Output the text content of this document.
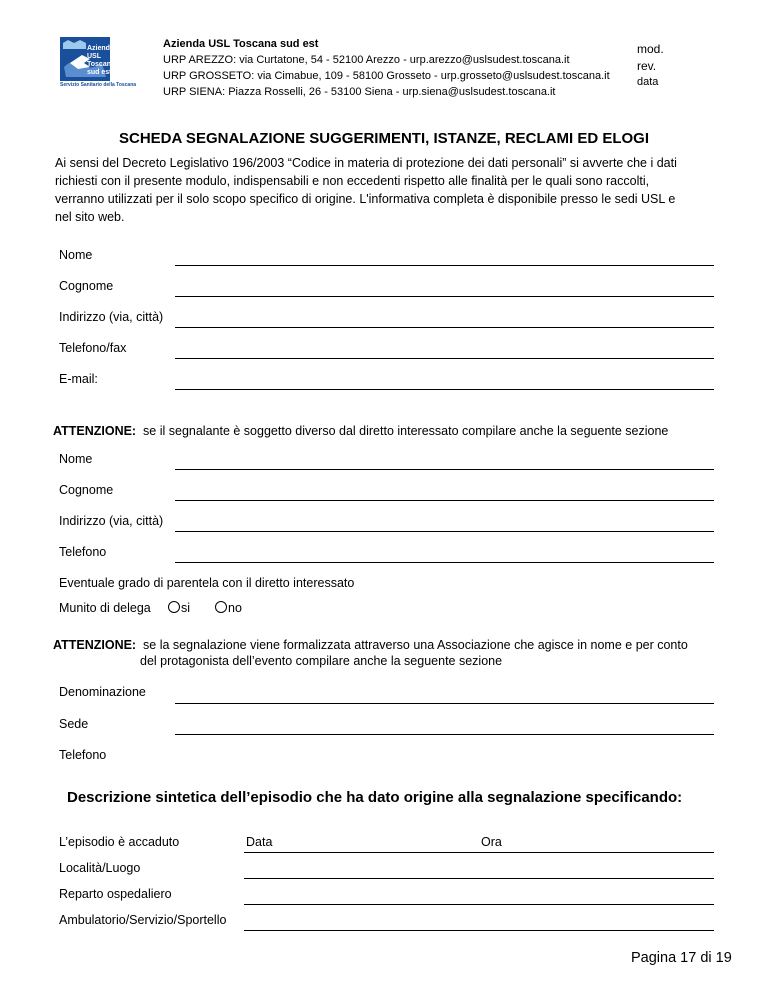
Azienda
USL
Toscana
sud est
Servizio Sanitario della Toscana
Azienda USL Toscana sud est
URP AREZZO: via Curtatone, 54 - 52100 Arezzo - urp.arezzo@uslsudest.toscana.it
URP GROSSETO: via Cimabue, 109 - 58100 Grosseto - urp.grosseto@uslsudest.toscana.it
URP SIENA: Piazza Rosselli, 26 - 53100 Siena - urp.siena@uslsudest.toscana.it
mod.
rev.
data
SCHEDA SEGNALAZIONE SUGGERIMENTI, ISTANZE, RECLAMI ED ELOGI
Ai sensi del Decreto Legislativo 196/2003 “Codice in materia di protezione dei dati personali” si avverte che i dati
richiesti con il presente modulo, indispensabili e non eccedenti rispetto alle finalità per le quali sono raccolti,
verranno utilizzati per il solo scopo specifico di origine. L'informativa completa è disponibile presso le sedi USL e
nel sito web.
Nome
Cognome
Indirizzo (via, città)
Telefono/fax
E-mail:
ATTENZIONE: se il segnalante è soggetto diverso dal diretto interessato compilare anche la seguente sezione
Nome
Cognome
Indirizzo (via, città)
Telefono
Eventuale grado di parentela con il diretto interessato
Munito di delega	si	no
ATTENZIONE: se la segnalazione viene formalizzata attraverso una Associazione che agisce in nome e per conto
del protagonista dell’evento compilare anche la seguente sezione
Denominazione
Sede
Telefono
Descrizione sintetica dell’episodio che ha dato origine alla segnalazione specificando:
L’episodio è accaduto	Data	Ora
Località/Luogo
Reparto ospedaliero
Ambulatorio/Servizio/Sportello
Pagina 17 di 19
